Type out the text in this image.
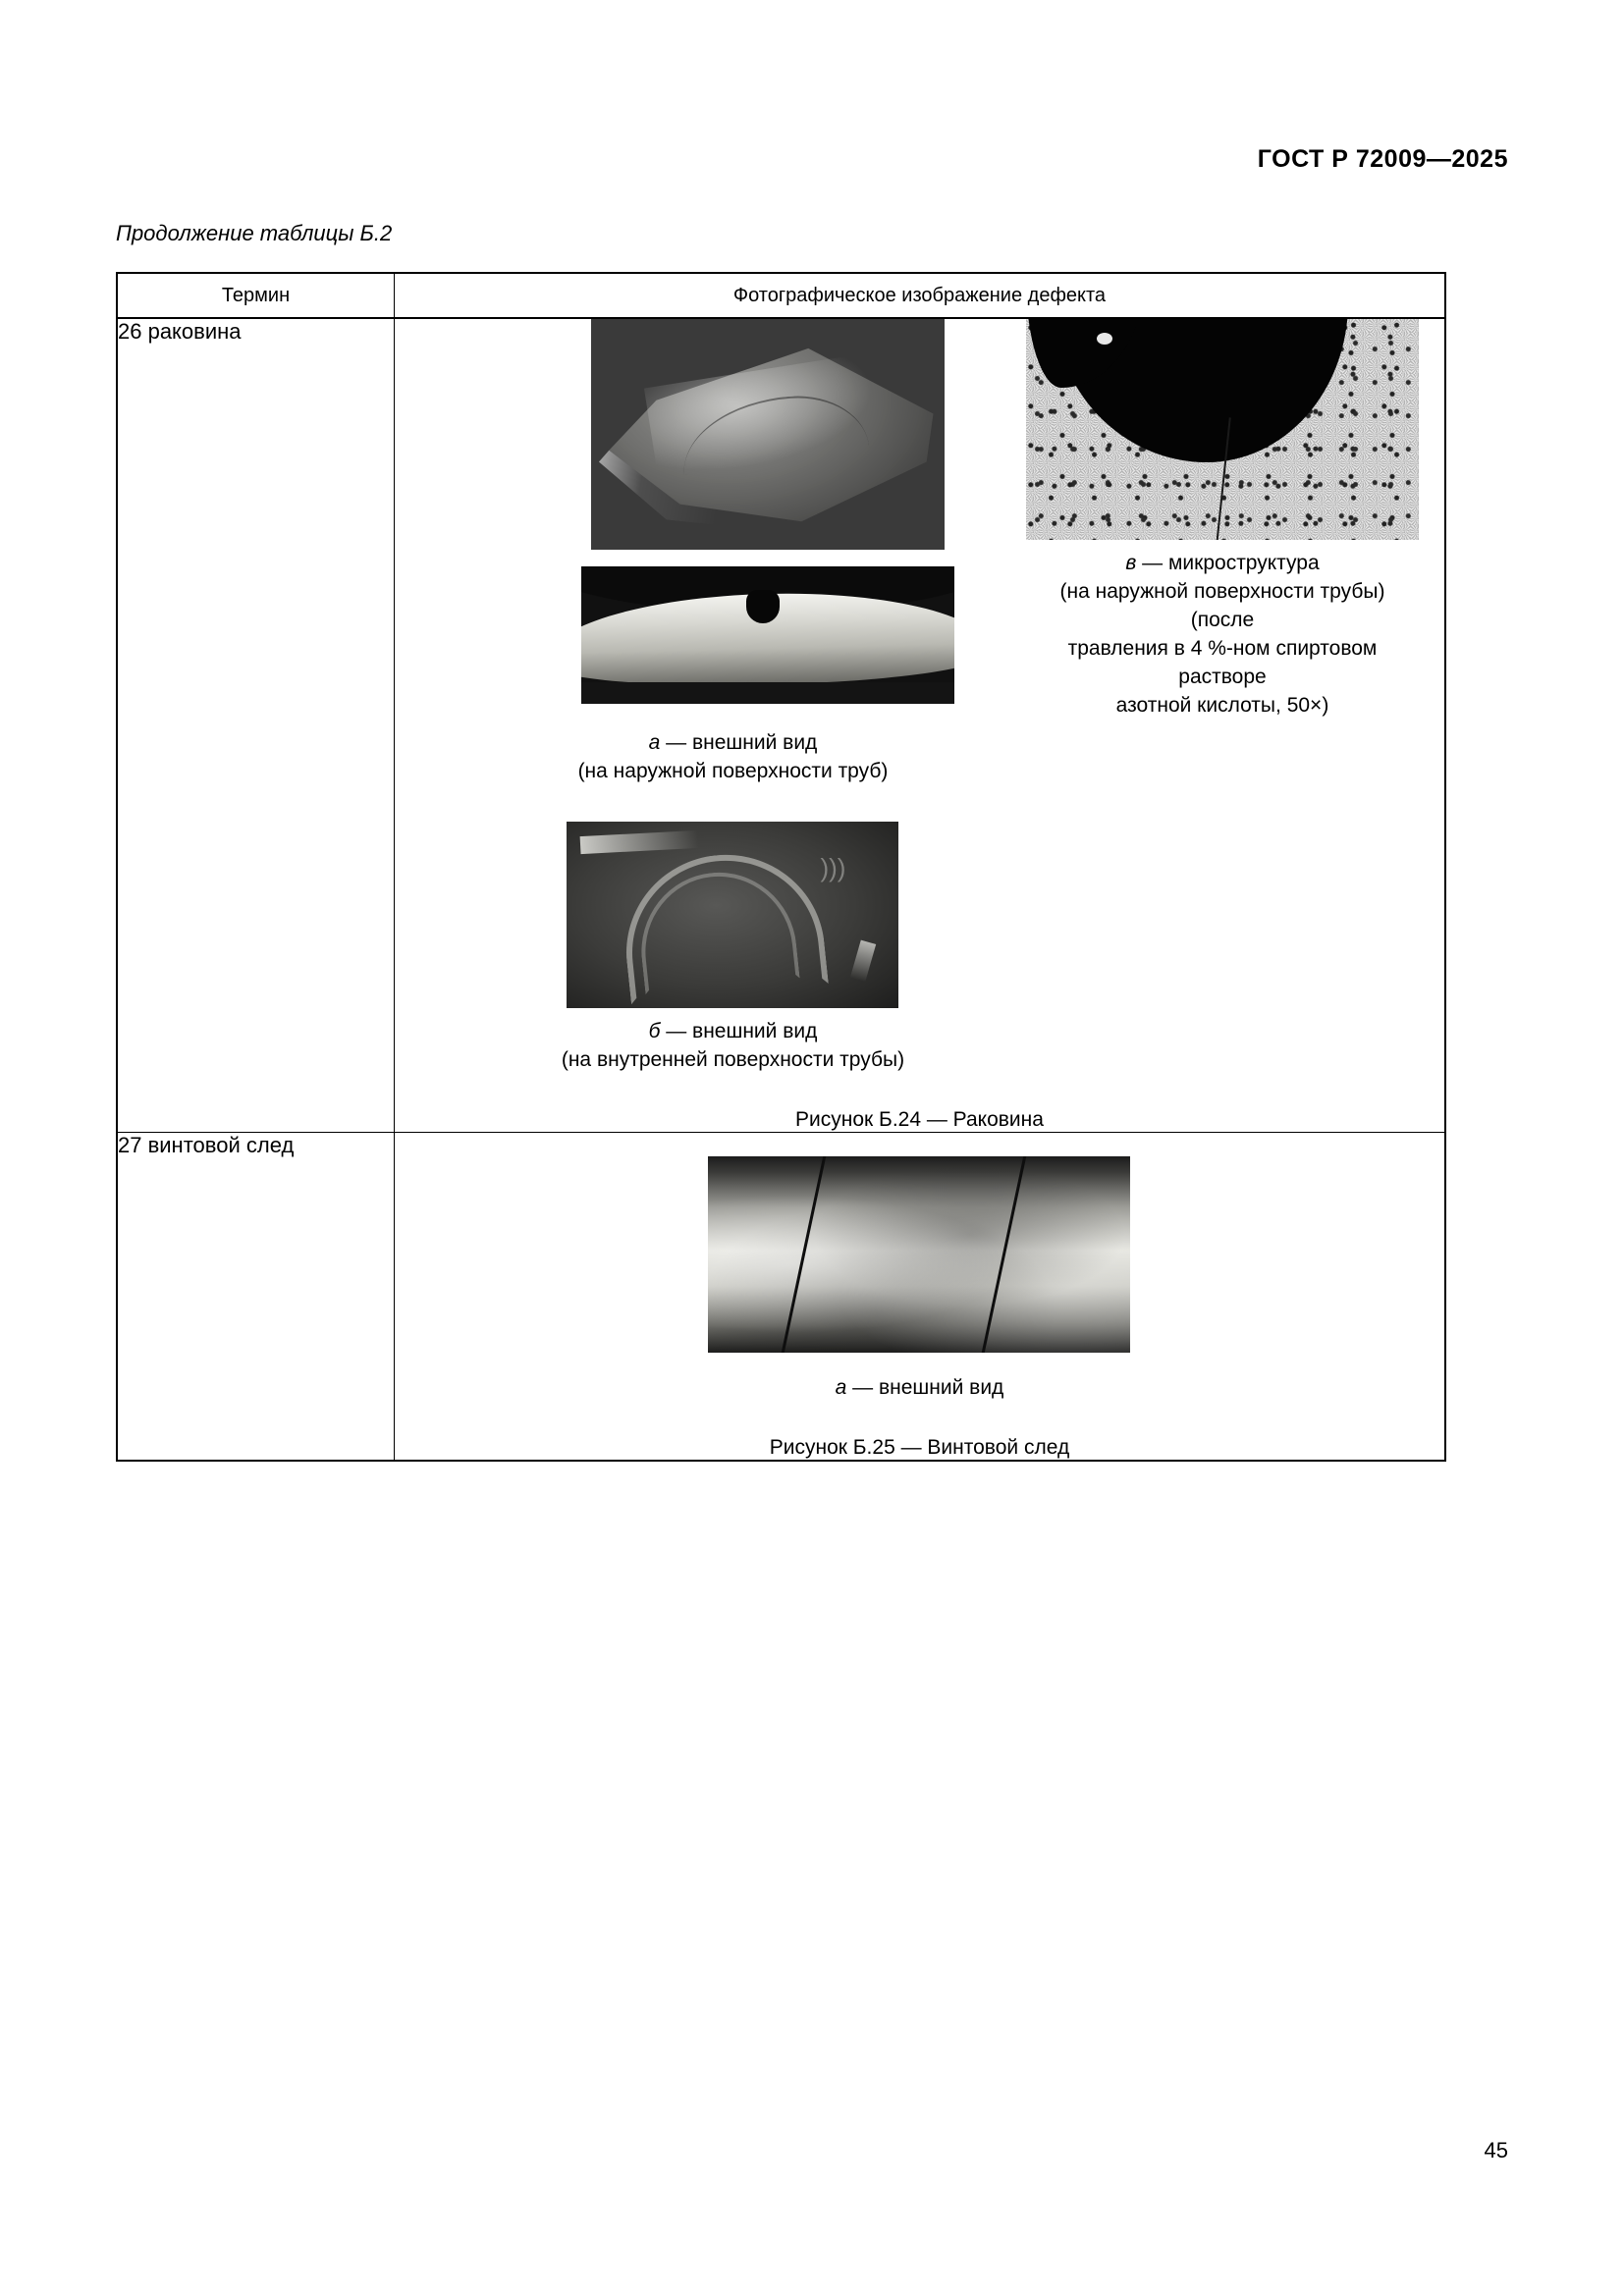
ГОСТ Р 72009—2025
Продолжение таблицы Б.2
Термин	Фотографическое изображение дефекта
26 раковина	
в — микроструктура
(на наружной поверхности трубы) (после
травления в 4 %-ном спиртовом растворе
азотной кислоты, 50×)
а — внешний вид
(на наружной поверхности труб)
)))
б — внешний вид
(на внутренней поверхности трубы)
Рисунок Б.24 — Раковина

27 винтовой след	а — внешний вид
Рисунок Б.25 — Винтовой след
45
